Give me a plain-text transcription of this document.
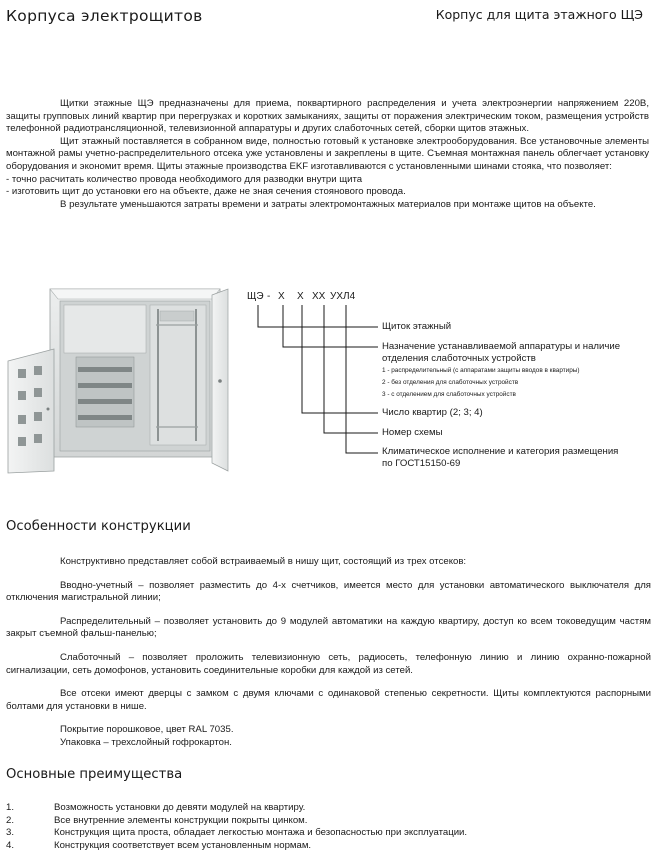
Корпуса электрощитов	Корпус для щита этажного ЩЭ
Щитки этажные ЩЭ предназначены для приема, поквартирного распределения и учета электроэнергии напряжением 220В, защиты групповых линий квартир при перегрузках и коротких замыканиях, защиты от поражения электрическим током, размещения устройств телефонной радиотрансляционной, телевизионной аппаратуры и других слаботочных сетей, сборки щитов этажных.
Щит этажный поставляется в собранном виде, полностью готовый к установке электрооборудования. Все установочные элементы монтажной рамы учетно-распределительного отсека уже установлены и закреплены в щите. Съемная монтажная панель облегчает установку оборудования и экономит время. Щиты этажные производства EKF изготавливаются с установленными шинами стояка, что позволяет:
- точно расчитать количество провода необходимого для разводки внутри щита
- изготовить щит до установки его на объекте, даже не зная сечения стоянового провода.
В результате уменьшаются затраты времени и затраты электромонтажных материалов при монтаже щитов на объекте.
ЩЭ - Х Х ХХ УХЛ4
Щиток этажный
Назначение устанавливаемой аппаратуры и наличие
отделения слаботочных устройств
1 - распределительный (с аппаратами защиты вводов в квартиры)
2 - без отделения для слаботочных устройств
3 - с отделением для слаботочных устройств
Число квартир (2; 3; 4)
Номер схемы
Климатическое исполнение и категория размещения
по ГОСТ15150-69
Особенности конструкции
Конструктивно представляет собой встраиваемый в нишу щит, состоящий из трех отсеков:
Вводно-учетный – позволяет разместить до 4-х счетчиков, имеется место для установки автоматического выключателя для отключения магистральной линии;
Распределительный – позволяет установить до 9 модулей автоматики на каждую квартиру, доступ ко всем токоведущим частям закрыт съемной фальш-панелью;
Слаботочный – позволяет проложить телевизионную сеть, радиосеть, телефонную линию и линию охранно-пожарной сигнализации, сеть домофонов, установить соединительные коробки для каждой из сетей.
Все отсеки имеют дверцы с замком с двумя ключами с одинаковой степенью секретности. Щиты комплектуются распорными болтами для установки в нише.
Покрытие порошковое, цвет RAL 7035.
Упаковка – трехслойный гофрокартон.
Основные преимущества
1.	Возможность установки до девяти модулей на квартиру.
2.	Все внутренние элементы конструкции покрыты цинком.
3.	Конструкция щита проста, обладает легкостью монтажа и безопасностью при эксплуатации.
4.	Конструкция соответствует всем установленным нормам.
